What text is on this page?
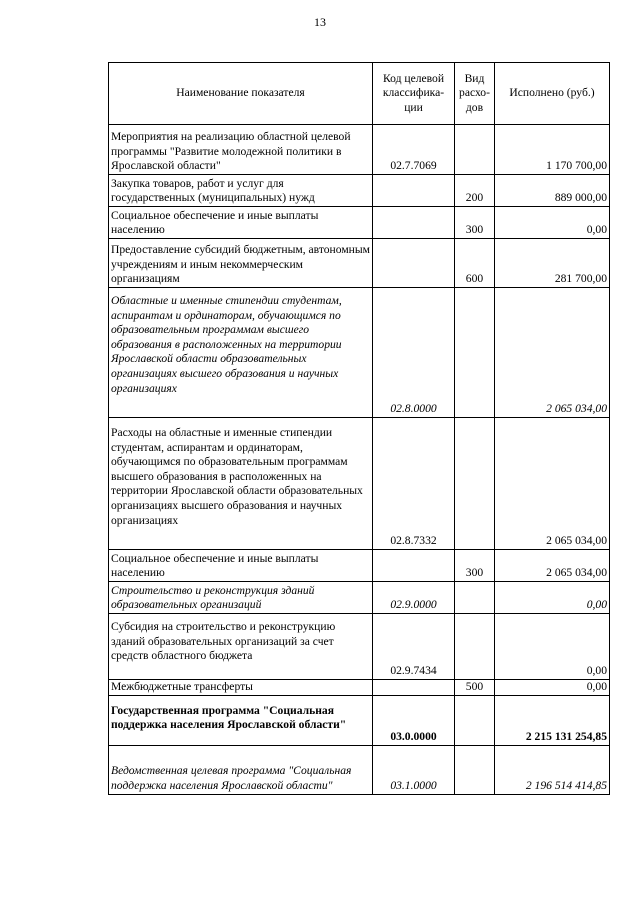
13
Наименование показателя	Код целевой классифика-ции	Вид расхо-дов	Исполнено (руб.)
Мероприятия на реализацию областной целевой программы "Развитие молодежной политики в Ярославской области"	02.7.7069		1 170 700,00
Закупка товаров, работ и услуг для государственных (муниципальных) нужд		200	889 000,00
Социальное обеспечение и иные выплаты населению		300	0,00
Предоставление субсидий бюджетным, автономным учреждениям и иным некоммерческим организациям		600	281 700,00
Областные и именные стипендии студентам, аспирантам и ординаторам, обучающимся по образовательным программам высшего образования в расположенных на территории Ярославской области образовательных организациях высшего образования и научных организациях	02.8.0000		2 065 034,00
Расходы на областные и именные стипендии студентам, аспирантам и ординаторам, обучающимся по образовательным программам высшего образования в расположенных на территории Ярославской области образовательных организациях высшего образования и научных организациях	02.8.7332		2 065 034,00
Социальное обеспечение и иные выплаты населению		300	2 065 034,00
Строительство и реконструкция зданий образовательных организаций	02.9.0000		0,00
Субсидия на строительство и реконструкцию зданий образовательных организаций за счет средств областного бюджета	02.9.7434		0,00
Межбюджетные трансферты		500	0,00
Государственная программа "Социальная поддержка населения Ярославской области"	03.0.0000		2 215 131 254,85
Ведомственная целевая программа "Социальная поддержка населения Ярославской области"	03.1.0000		2 196 514 414,85
